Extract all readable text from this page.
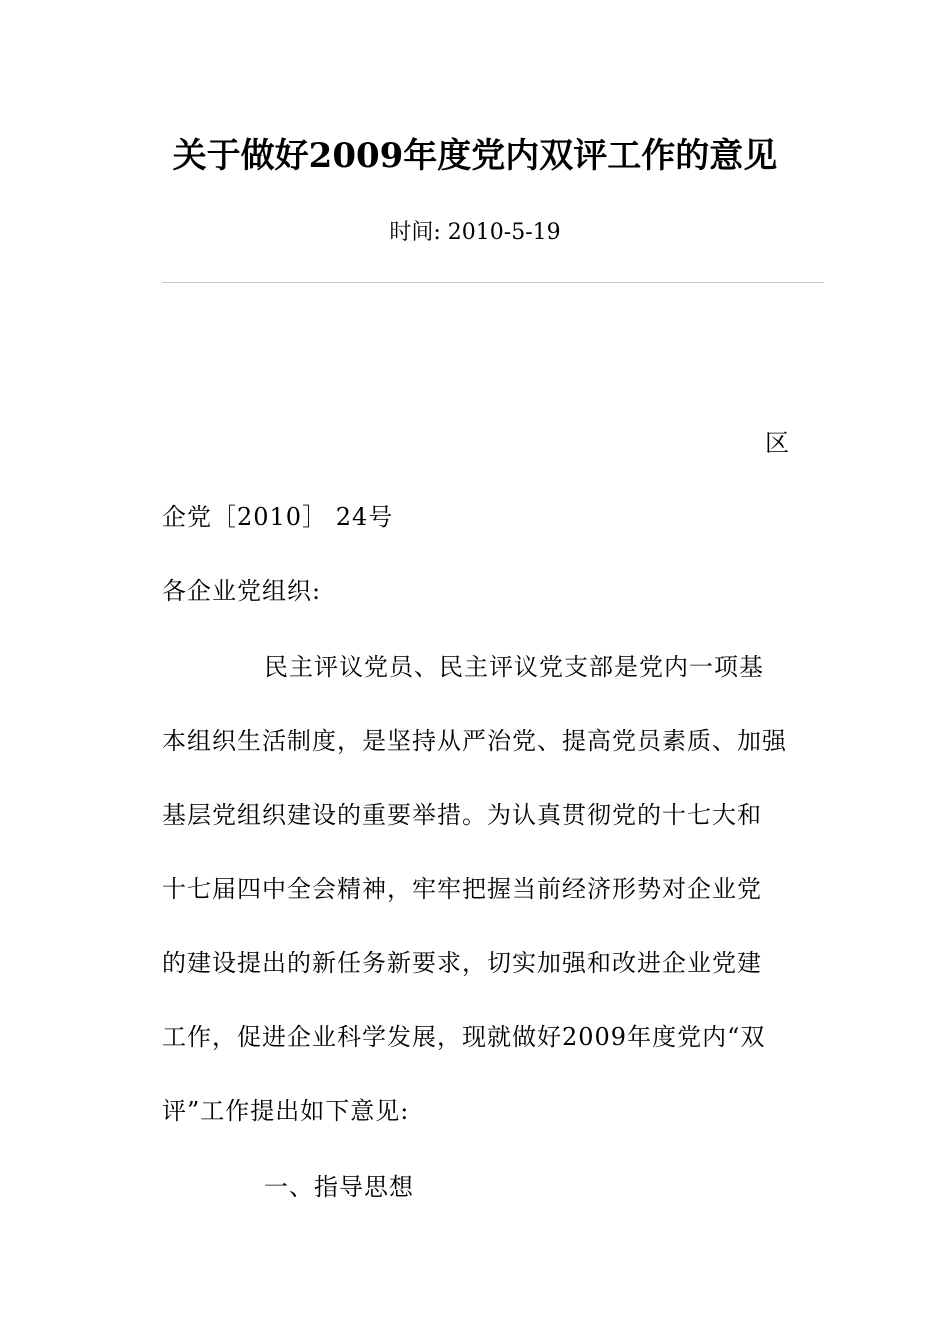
关于做好2009年度党内双评工作的意见

时间: 2010-5-19

区

企党［2010］ 24号

各企业党组织:

民主评议党员、民主评议党支部是党内一项基

本组织生活制度，是坚持从严治党、提高党员素质、加强

基层党组织建设的重要举措。为认真贯彻党的十七大和

十七届四中全会精神，牢牢把握当前经济形势对企业党

的建设提出的新任务新要求，切实加强和改进企业党建

工作，促进企业科学发展，现就做好2009年度党内“双

评”工作提出如下意见:

一、指导思想
